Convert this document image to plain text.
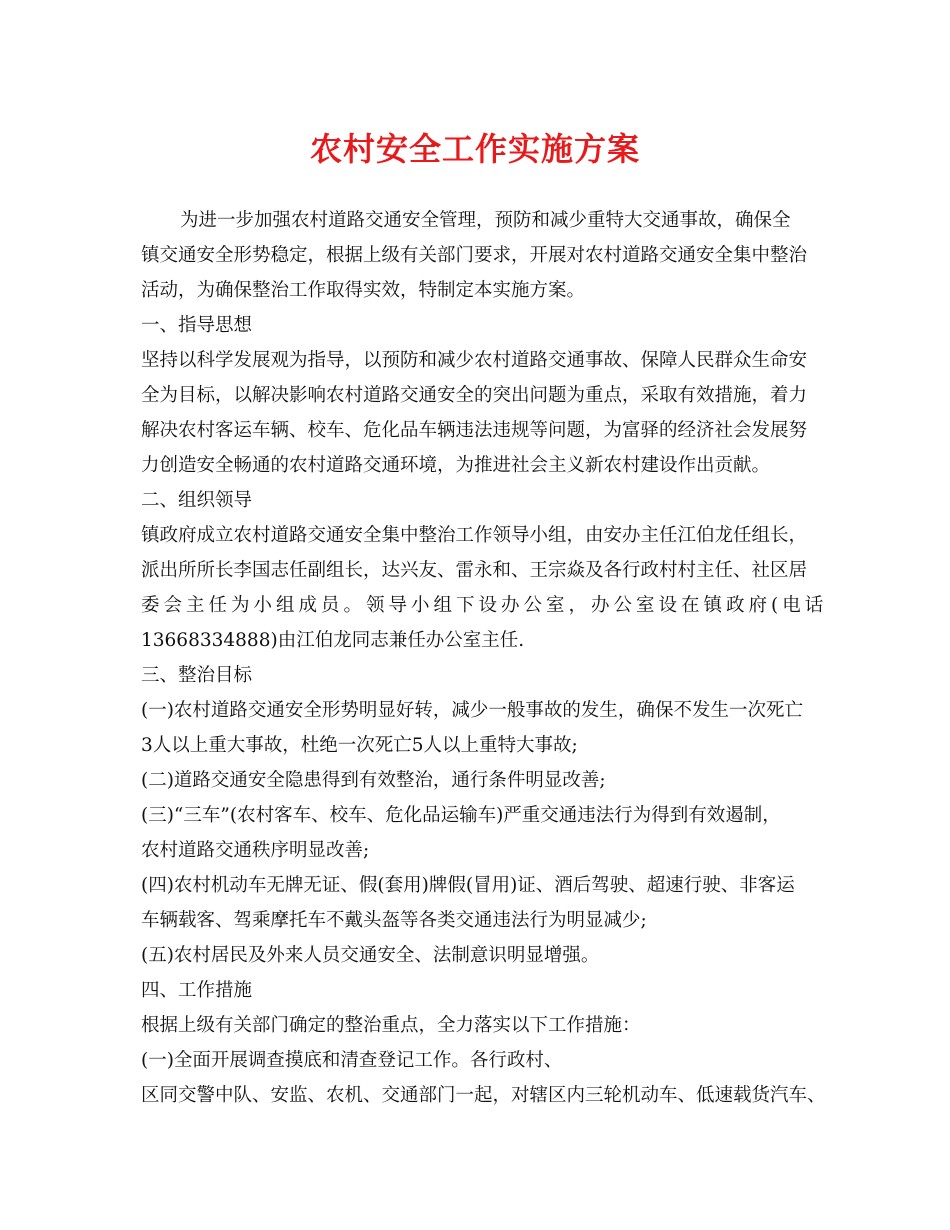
农村安全工作实施方案
为进一步加强农村道路交通安全管理，预防和减少重特大交通事故，确保全
镇交通安全形势稳定，根据上级有关部门要求，开展对农村道路交通安全集中整治
活动，为确保整治工作取得实效，特制定本实施方案。
一、指导思想
坚持以科学发展观为指导，以预防和减少农村道路交通事故、保障人民群众生命安
全为目标，以解决影响农村道路交通安全的突出问题为重点，采取有效措施，着力
解决农村客运车辆、校车、危化品车辆违法违规等问题，为富驿的经济社会发展努
力创造安全畅通的农村道路交通环境，为推进社会主义新农村建设作出贡献。
二、组织领导
镇政府成立农村道路交通安全集中整治工作领导小组，由安办主任江伯龙任组长，
派出所所长李国志任副组长，达兴友、雷永和、王宗焱及各行政村村主任、社区居
委会主任为小组成员。领导小组下设办公室，办公室设在镇政府(电话
13668334888)由江伯龙同志兼任办公室主任.
三、整治目标
(一)农村道路交通安全形势明显好转，减少一般事故的发生，确保不发生一次死亡
3人以上重大事故，杜绝一次死亡5人以上重特大事故;
(二)道路交通安全隐患得到有效整治，通行条件明显改善;
(三)“三车”(农村客车、校车、危化品运输车)严重交通违法行为得到有效遏制，
农村道路交通秩序明显改善;
(四)农村机动车无牌无证、假(套用)牌假(冒用)证、酒后驾驶、超速行驶、非客运
车辆载客、驾乘摩托车不戴头盔等各类交通违法行为明显减少;
(五)农村居民及外来人员交通安全、法制意识明显增强。
四、工作措施
根据上级有关部门确定的整治重点，全力落实以下工作措施：
(一)全面开展调查摸底和清查登记工作。各行政村、
区同交警中队、安监、农机、交通部门一起，对辖区内三轮机动车、低速载货汽车、
